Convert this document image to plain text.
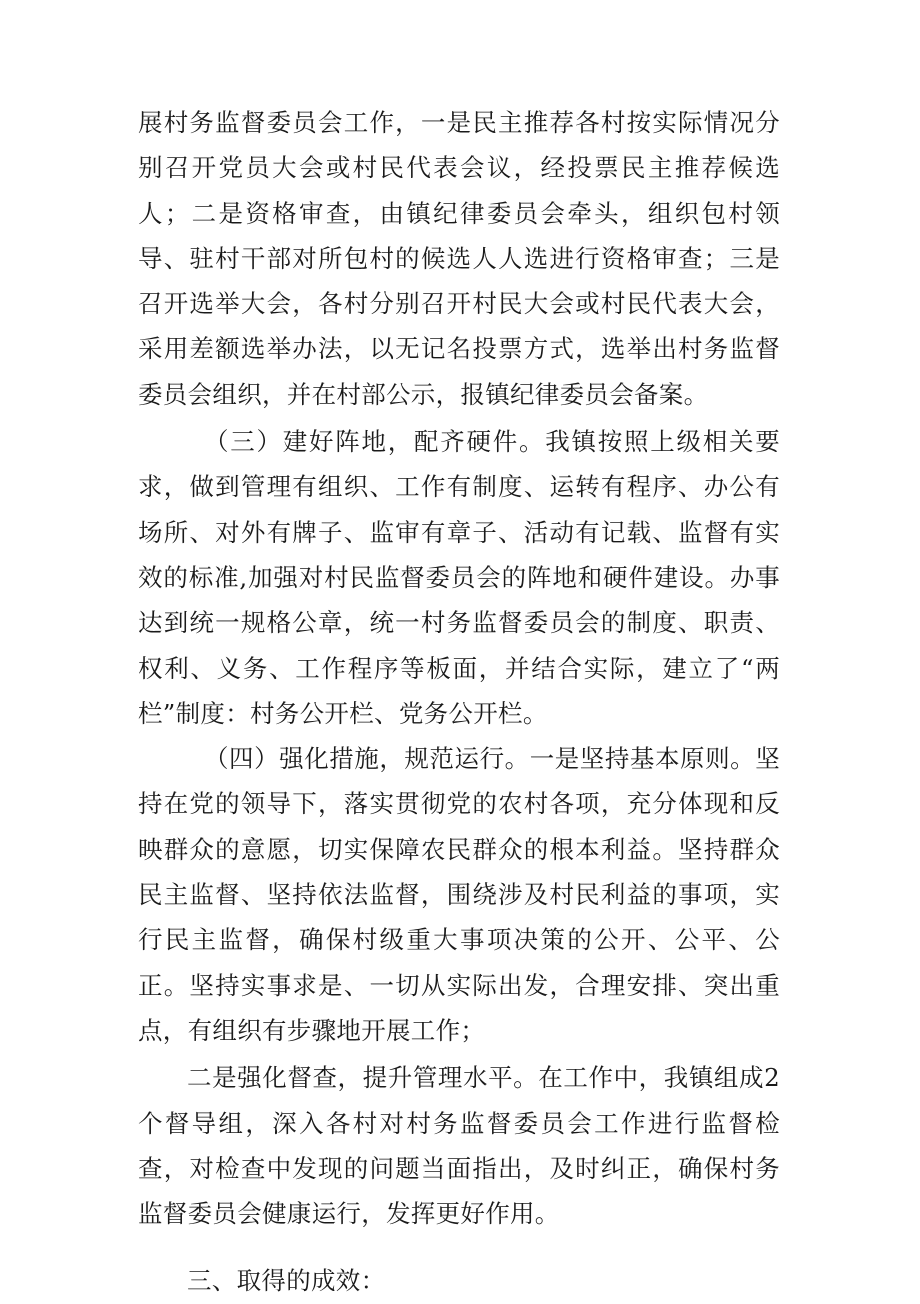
展村务监督委员会工作，一是民主推荐各村按实际情况分别召开党员大会或村民代表会议，经投票民主推荐候选人；二是资格审查，由镇纪律委员会牵头，组织包村领导、驻村干部对所包村的候选人人选进行资格审查；三是召开选举大会，各村分别召开村民大会或村民代表大会，采用差额选举办法，以无记名投票方式，选举出村务监督委员会组织，并在村部公示，报镇纪律委员会备案。

（三）建好阵地，配齐硬件。我镇按照上级相关要求，做到管理有组织、工作有制度、运转有程序、办公有场所、对外有牌子、监审有章子、活动有记载、监督有实效的标准,加强对村民监督委员会的阵地和硬件建设。办事达到统一规格公章，统一村务监督委员会的制度、职责、权利、义务、工作程序等板面，并结合实际，建立了“两栏”制度：村务公开栏、党务公开栏。

（四）强化措施，规范运行。一是坚持基本原则。坚持在党的领导下，落实贯彻党的农村各项，充分体现和反映群众的意愿，切实保障农民群众的根本利益。坚持群众民主监督、坚持依法监督，围绕涉及村民利益的事项，实行民主监督，确保村级重大事项决策的公开、公平、公正。坚持实事求是、一切从实际出发，合理安排、突出重点，有组织有步骤地开展工作；

二是强化督查，提升管理水平。在工作中，我镇组成2个督导组，深入各村对村务监督委员会工作进行监督检查，对检查中发现的问题当面指出，及时纠正，确保村务监督委员会健康运行，发挥更好作用。

三、取得的成效：
